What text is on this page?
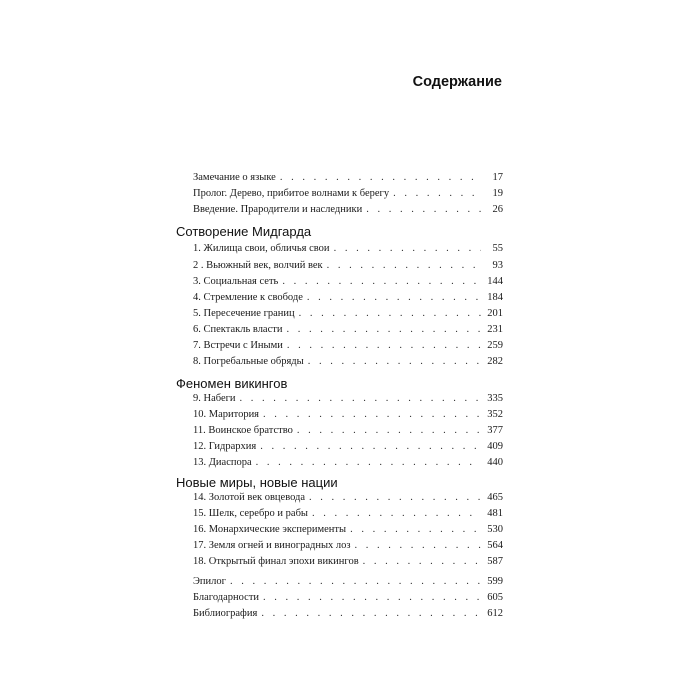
Содержание
Замечание о языке . . .	17
Пролог. Дерево, прибитое волнами к берегу . . .	19
Введение. Прародители и наследники . . .	26
Сотворение Мидгарда
1. Жилища свои, обличья свои . . .	55
2 . Вьюжный век, волчий век . . .	93
3. Социальная сеть . . .	144
4. Стремление к свободе . . .	184
5. Пересечение границ . . .	201
6. Спектакль власти . . .	231
7. Встречи с Иными . . .	259
8. Погребальные обряды . . .	282
Феномен викингов
9. Набеги . . .	335
10. Маритория . . .	352
11. Воинское братство . . .	377
12. Гидрархия . . .	409
13. Диаспора . . .	440
Новые миры, новые нации
14. Золотой век овцевода . . .	465
15. Шелк, серебро и рабы . . .	481
16. Монархические эксперименты . . .	530
17. Земля огней и виноградных лоз . . .	564
18. Открытый финал эпохи викингов . . .	587
Эпилог . . .	599
Благодарности . . .	605
Библиография . . .	612
